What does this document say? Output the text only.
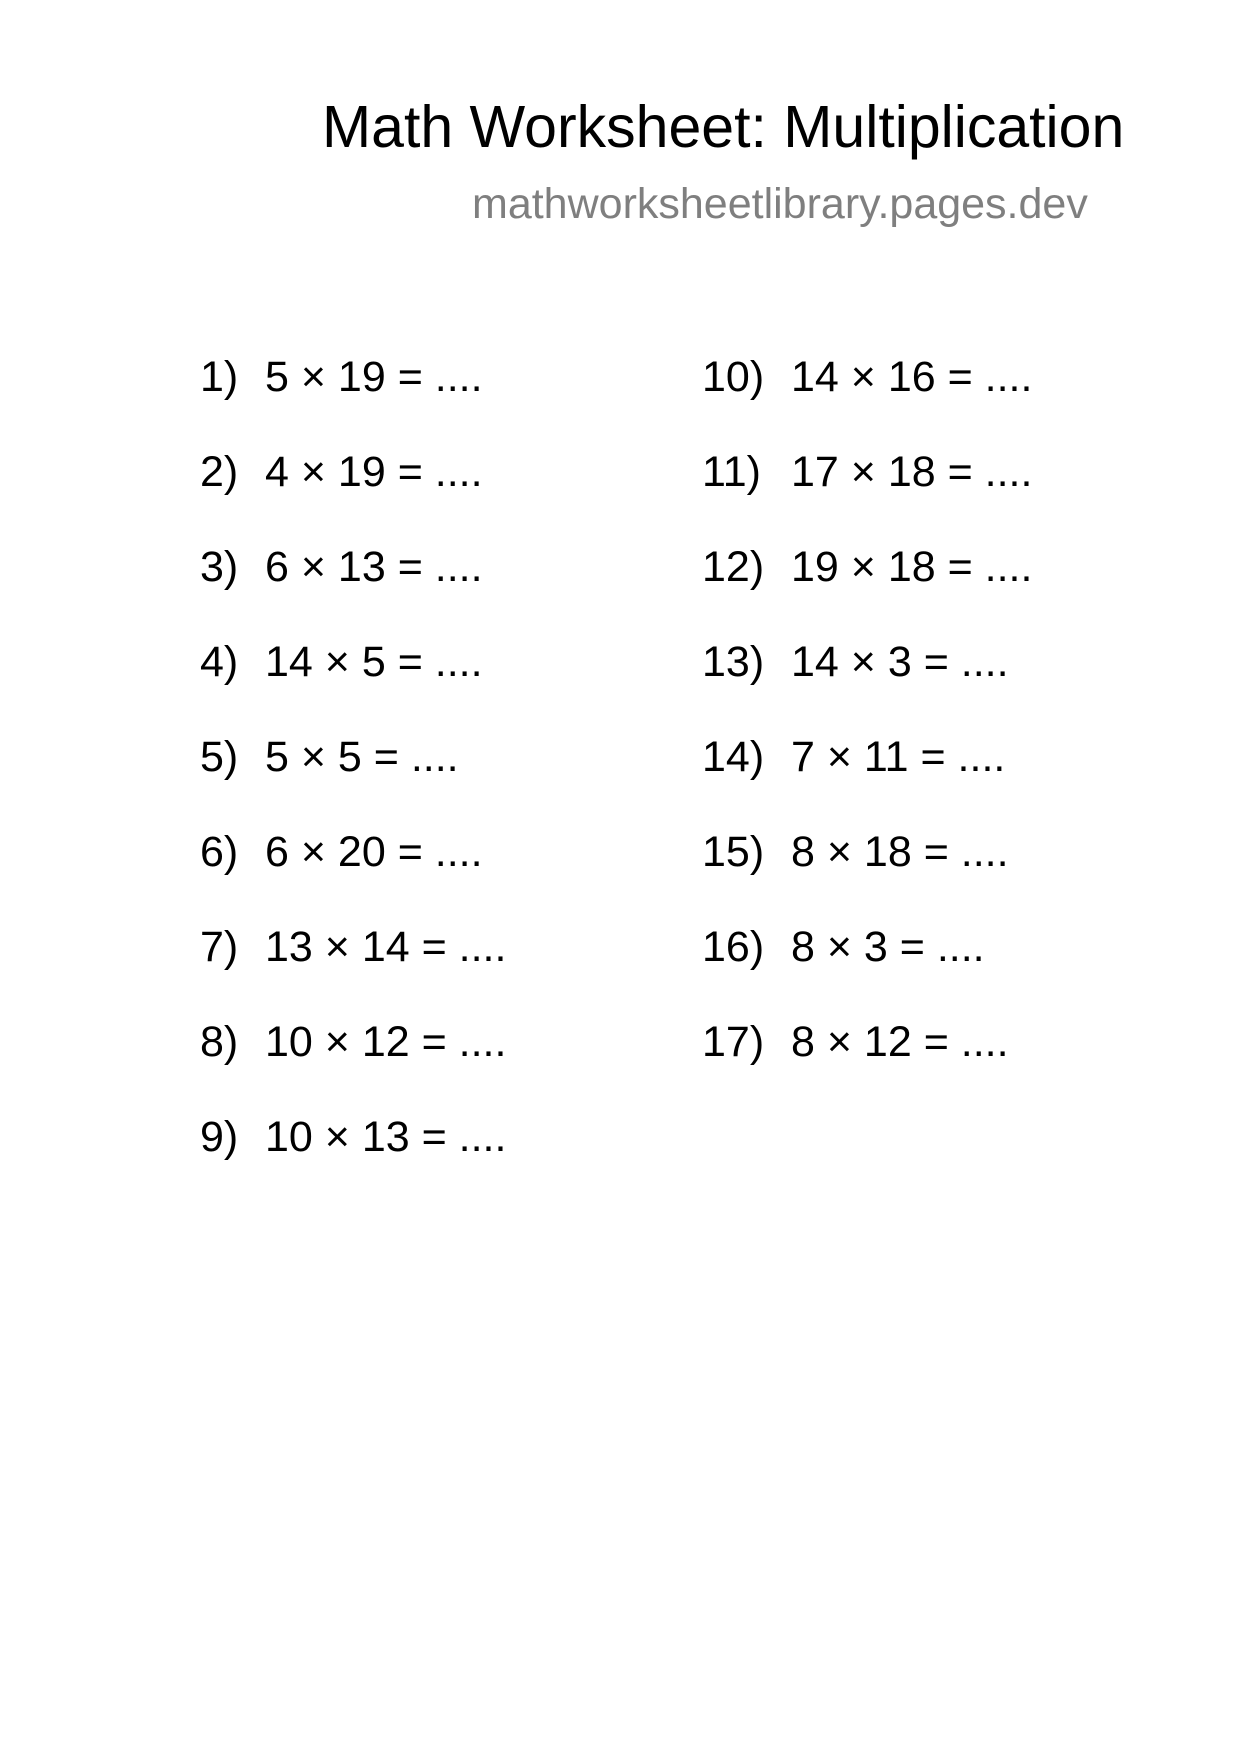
Math Worksheet: Multiplication
mathworksheetlibrary.pages.dev
1) 5 × 19 = ....
2) 4 × 19 = ....
3) 6 × 13 = ....
4) 14 × 5 = ....
5) 5 × 5 = ....
6) 6 × 20 = ....
7) 13 × 14 = ....
8) 10 × 12 = ....
9) 10 × 13 = ....
10) 14 × 16 = ....
11) 17 × 18 = ....
12) 19 × 18 = ....
13) 14 × 3 = ....
14) 7 × 11 = ....
15) 8 × 18 = ....
16) 8 × 3 = ....
17) 8 × 12 = ....
